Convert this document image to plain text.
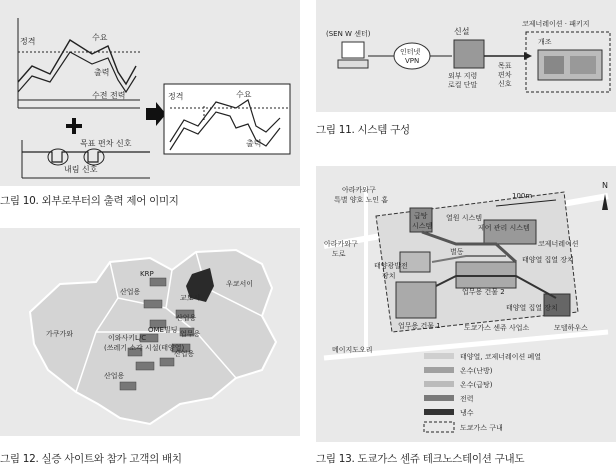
정격	수요
출력
수전 전력
목표 편차 신호
내림 신호
정격	수요
출력
그림 10. 외부로부터의 출력 제어 이미지
(SEN W 센터)
인터넷
VPN
신설
외부 지령
로컬 단말
목표
편차
신호
코제너레이션 · 패키지
개조
그림 11. 시스템 구성
KRP
산업용
교토시
우쿄서이
가쿠가와
산업용
업무용
이와사키L/C
(쓰레기 소각 시설(태양열)
OME빌딩
산업용
산업용
그림 12. 실증 사이트와 참가 고객의 배치
아라카와구
특별 양호 노인 홈
급탕
시스템
열원 시스템
제어 관리 시스템
코제너레이션
100m
N
아라카와구
도로	별동
태양광발전
장치
태양열 집열 장치
업무용 건물 2
태양열 집열 장치
업무용 건물 1	도쿄가스 센쥬 사업소	모델하우스
메이지도오리
태양열, 코제너레이션 폐열
온수(난방)
온수(급탕)
전력
냉수
도쿄가스 구내
그림 13. 도쿄가스 센쥬 테크노스테이션 구내도
